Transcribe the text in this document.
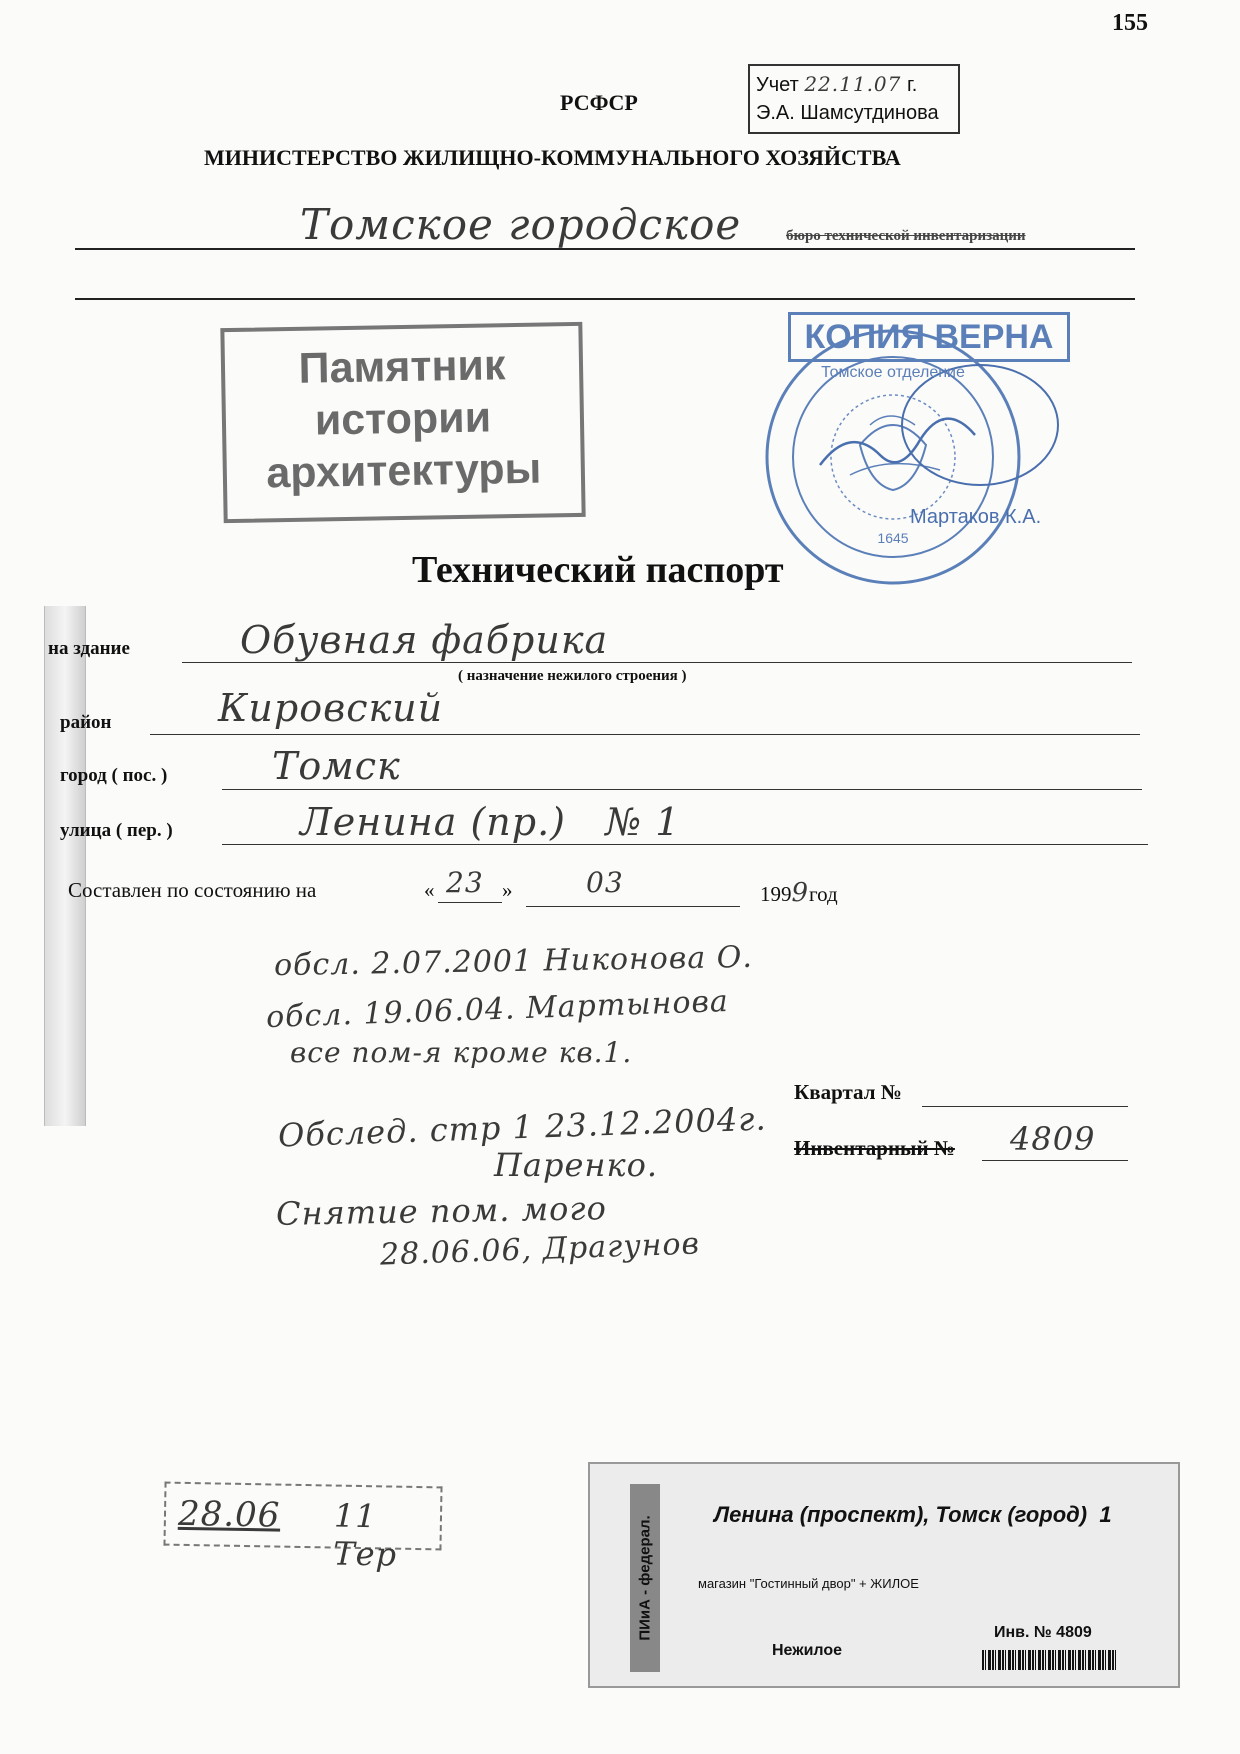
155
РСФСР
МИНИСТЕРСТВО ЖИЛИЩНО-КОММУНАЛЬНОГО ХОЗЯЙСТВА
Томское городское	бюро технической инвентаризации
Учет 22.11.07 г.
Э.А. Шамсутдинова
Памятник
истории
архитектуры
Томское отделение
1645
КОПИЯ ВЕРНА
Мартаков К.А.
Технический паспорт
на здание	Обувная фабрика
( назначение нежилого строения )
район	Кировский
город ( пос. )	Томск
улица ( пер. )	Ленина (пр.)   № 1
Составлен по состоянию на	« 23 »	03	1999год
обсл. 2.07.2001 Никонова О.
обсл. 19.06.04. Мартынова
все пом-я кроме кв.1.
Обслед. стр 1 23.12.2004г.
Паренко.
Снятие пом. мого
28.06.06, Драгунов
Квартал №
Инвентарный № 4809
28.06 11 Тер	ПИиА - федерал.
Ленина (проспект), Томск (город)  1
магазин "Гостинный двор" + ЖИЛОЕ
Нежилое
Инв. № 4809
